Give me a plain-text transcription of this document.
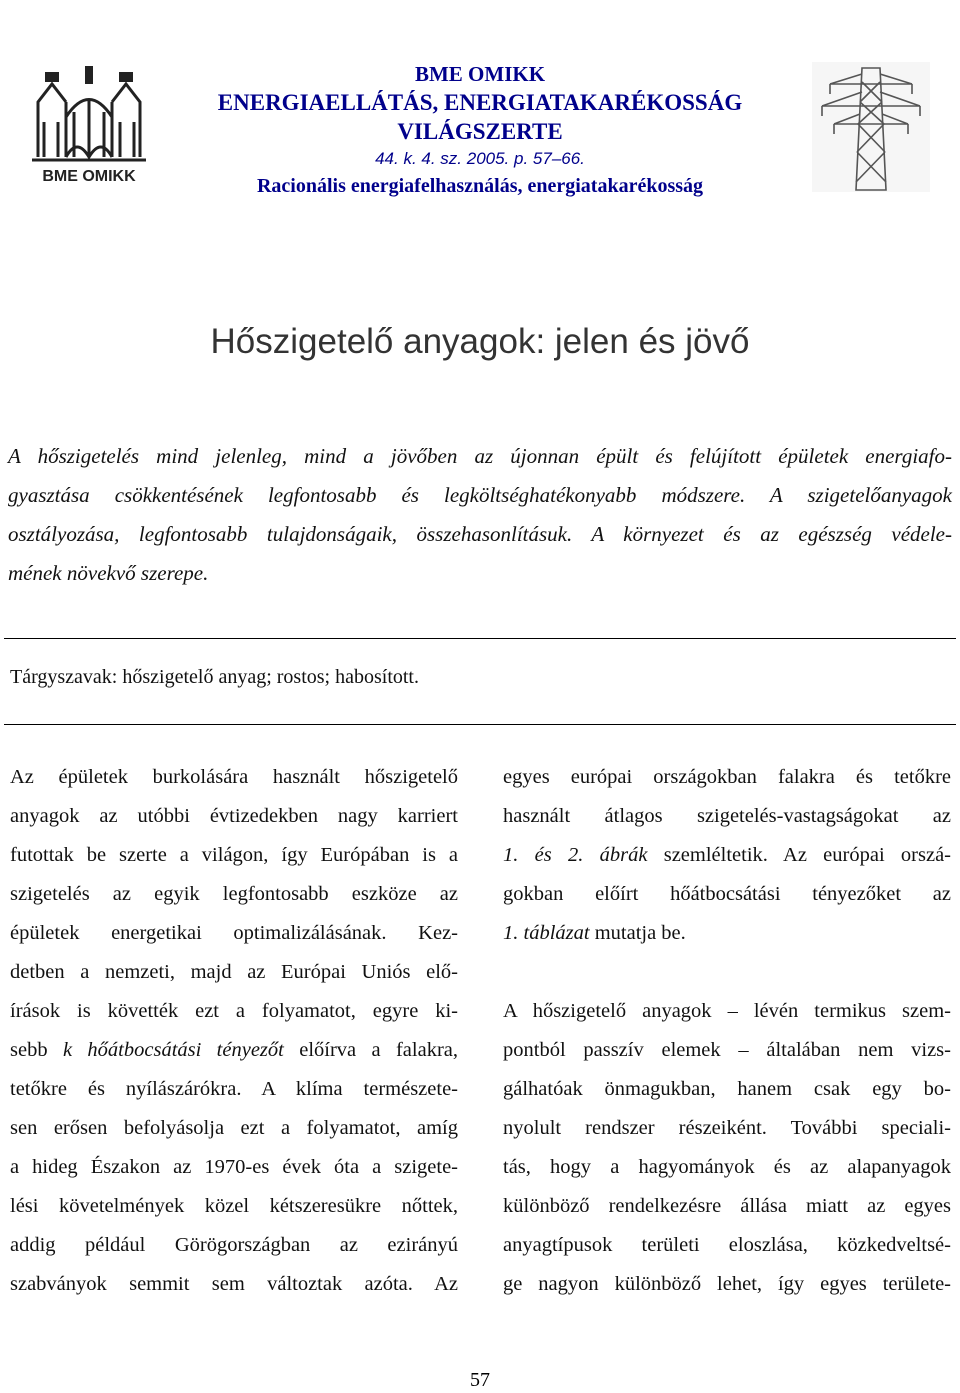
BME OMIKK
BME OMIKK
ENERGIAELLÁTÁS, ENERGIATAKARÉKOSSÁG
VILÁGSZERTE
44. k. 4. sz. 2005. p. 57–66.
Racionális energiafelhasználás, energiatakarékosság
Hőszigetelő anyagok: jelen és jövő
A hőszigetelés mind jelenleg, mind a jövőben az újonnan épült és felújított épületek energiafo-
gyasztása csökkentésének legfontosabb és legköltséghatékonyabb módszere. A szigetelőanyagok
osztályozása, legfontosabb tulajdonságaik, összehasonlításuk. A környezet és az egészség védele-
mének növekvő szerepe.
Tárgyszavak: hőszigetelő anyag; rostos; habosított.
Az épületek burkolására használt hőszigetelő
anyagok az utóbbi évtizedekben nagy karriert
futottak be szerte a világon, így Európában is a
szigetelés az egyik legfontosabb eszköze az
épületek energetikai optimalizálásának. Kez-
detben a nemzeti, majd az Európai Uniós elő-
írások is követték ezt a folyamatot, egyre ki-
sebb k hőátbocsátási tényezőt előírva a falakra,
tetőkre és nyílászárókra. A klíma természete-
sen erősen befolyásolja ezt a folyamatot, amíg
a hideg Északon az 1970-es évek óta a szigete-
lési követelmények közel kétszeresükre nőttek,
addig például Görögországban az ezirányú
szabványok semmit sem változtak azóta. Az

egyes európai országokban falakra és tetőkre
használt átlagos szigetelés-vastagságokat az
1. és 2. ábrák szemléltetik. Az európai orszá-
gokban előírt hőátbocsátási tényezőket az
1. táblázat mutatja be.

A hőszigetelő anyagok – lévén termikus szem-
pontból passzív elemek – általában nem vizs-
gálhatóak önmagukban, hanem csak egy bo-
nyolult rendszer részeiként. További speciali-
tás, hogy a hagyományok és az alapanyagok
különböző rendelkezésre állása miatt az egyes
anyagtípusok területi eloszlása, közkedveltsé-
ge nagyon különböző lehet, így egyes területe-

57
